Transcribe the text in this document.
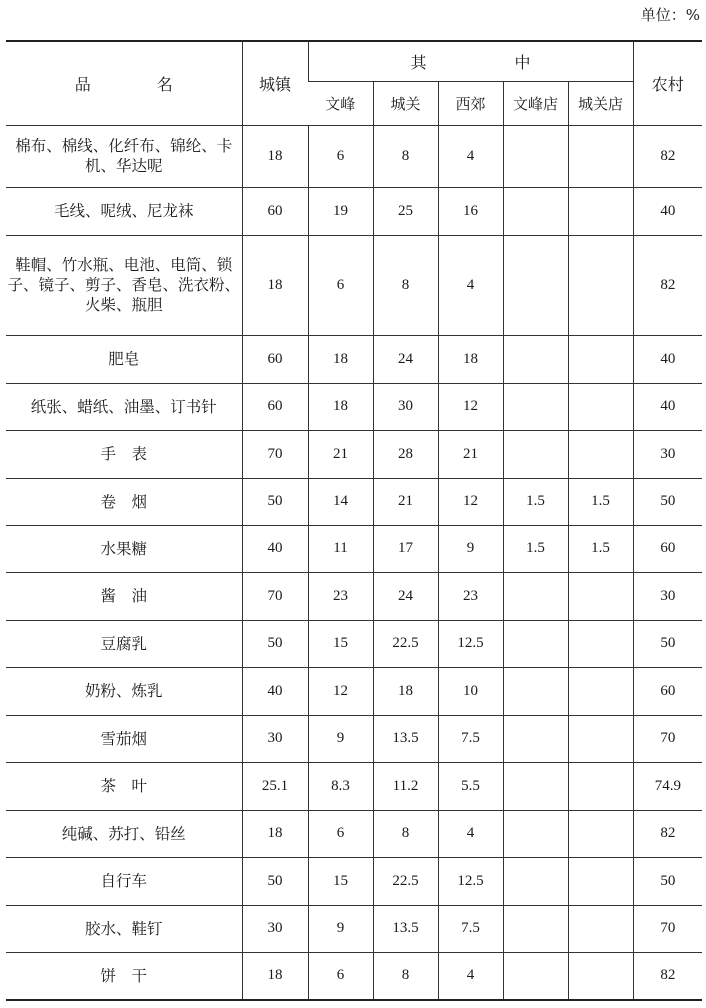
单位：%
品名	城镇	其中					农村
		文峰	城关	西郊	文峰店	城关店	
棉布、棉线、化纤布、锦纶、卡机、华达呢	18	6	8	4			82
毛线、呢绒、尼龙袜	60	19	25	16			40
鞋帽、竹水瓶、电池、电筒、锁子、镜子、剪子、香皂、洗衣粉、火柴、瓶胆	18	6	8	4			82
肥皂	60	18	24	18			40
纸张、蜡纸、油墨、订书针	60	18	30	12			40
手　表	70	21	28	21			30
卷　烟	50	14	21	12	1.5	1.5	50
水果糖	40	11	17	9	1.5	1.5	60
酱　油	70	23	24	23			30
豆腐乳	50	15	22.5	12.5			50
奶粉、炼乳	40	12	18	10			60
雪茄烟	30	9	13.5	7.5			70
茶　叶	25.1	8.3	11.2	5.5			74.9
纯碱、苏打、铅丝	18	6	8	4			82
自行车	50	15	22.5	12.5			50
胶水、鞋钉	30	9	13.5	7.5			70
饼　干	18	6	8	4			82
